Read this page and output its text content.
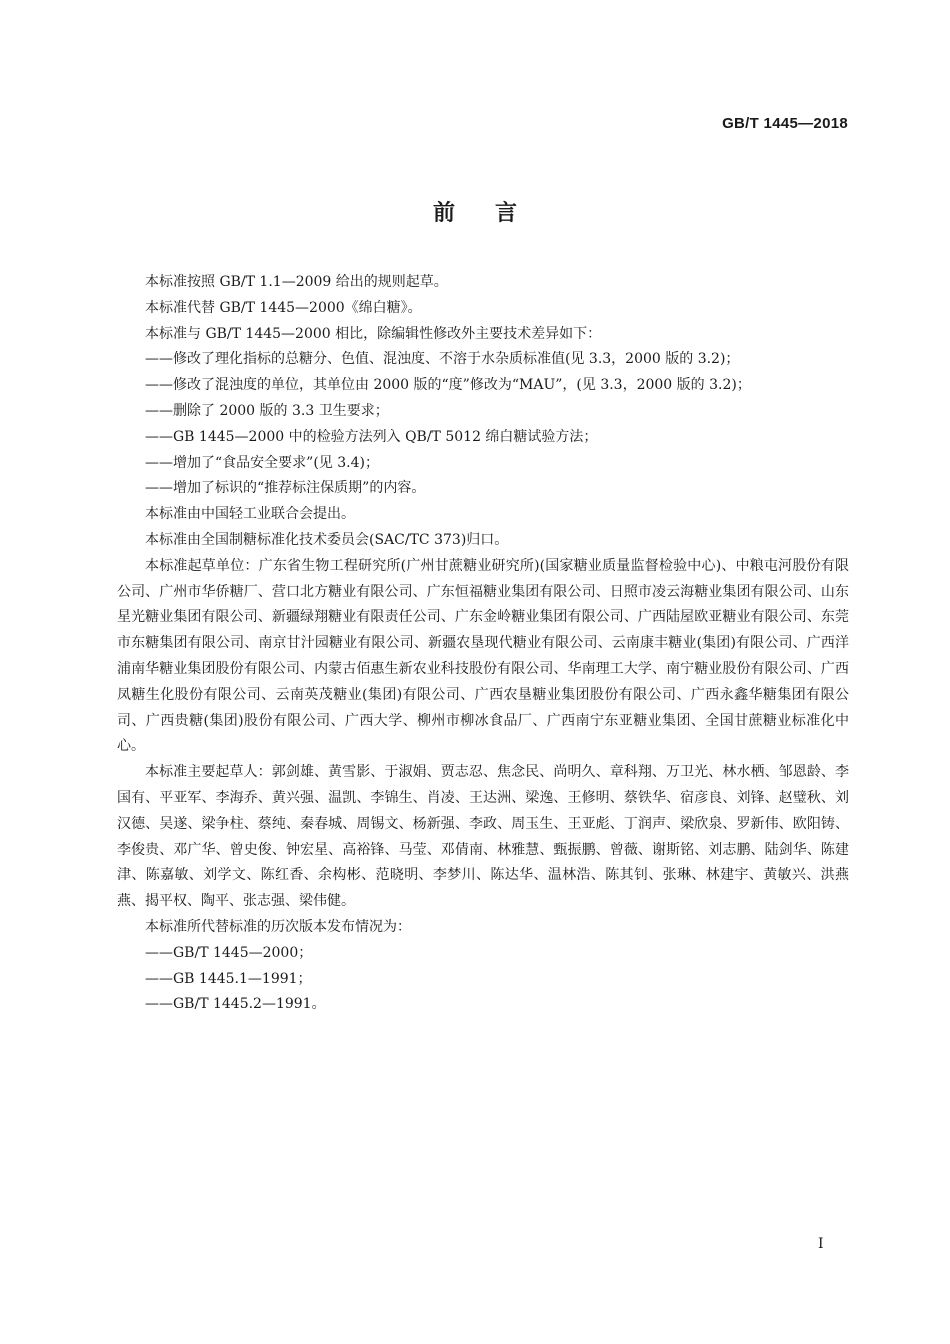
GB/T 1445—2018
前言

本标准按照 GB/T 1.1—2009 给出的规则起草。

本标准代替 GB/T 1445—2000《绵白糖》。

本标准与 GB/T 1445—2000 相比，除编辑性修改外主要技术差异如下：

——修改了理化指标的总糖分、色值、混浊度、不溶于水杂质标准值(见 3.3，2000 版的 3.2)；

——修改了混浊度的单位，其单位由 2000 版的“度”修改为“MAU”，(见 3.3，2000 版的 3.2)；

——删除了 2000 版的 3.3 卫生要求；

——GB 1445—2000 中的检验方法列入 QB/T 5012 绵白糖试验方法；

——增加了“食品安全要求”(见 3.4)；

——增加了标识的“推荐标注保质期”的内容。

本标准由中国轻工业联合会提出。

本标准由全国制糖标准化技术委员会(SAC/TC 373)归口。

本标准起草单位：广东省生物工程研究所(广州甘蔗糖业研究所)(国家糖业质量监督检验中心)、中粮屯河股份有限公司、广州市华侨糖厂、营口北方糖业有限公司、广东恒福糖业集团有限公司、日照市凌云海糖业集团有限公司、山东星光糖业集团有限公司、新疆绿翔糖业有限责任公司、广东金岭糖业集团有限公司、广西陆屋欧亚糖业有限公司、东莞市东糖集团有限公司、南京甘汁园糖业有限公司、新疆农垦现代糖业有限公司、云南康丰糖业(集团)有限公司、广西洋浦南华糖业集团股份有限公司、内蒙古佰惠生新农业科技股份有限公司、华南理工大学、南宁糖业股份有限公司、广西凤糖生化股份有限公司、云南英茂糖业(集团)有限公司、广西农垦糖业集团股份有限公司、广西永鑫华糖集团有限公司、广西贵糖(集团)股份有限公司、广西大学、柳州市柳冰食品厂、广西南宁东亚糖业集团、全国甘蔗糖业标准化中心。

本标准主要起草人：郭剑雄、黄雪影、于淑娟、贾志忍、焦念民、尚明久、章科翔、万卫光、林水栖、邹恩龄、李国有、平亚军、李海乔、黄兴强、温凯、李锦生、肖凌、王达洲、梁逸、王修明、蔡铁华、宿彦良、刘锋、赵璧秋、刘汉德、吴遂、梁争柱、蔡纯、秦春城、周锡文、杨新强、李政、周玉生、王亚彪、丁润声、梁欣泉、罗新伟、欧阳铸、李俊贵、邓广华、曾史俊、钟宏星、高裕锋、马莹、邓倩南、林雅慧、甄振鹏、曾薇、谢斯铭、刘志鹏、陆剑华、陈建津、陈嘉敏、刘学文、陈红香、余构彬、范晓明、李梦川、陈达华、温林浩、陈其钊、张琳、林建宇、黄敏兴、洪燕燕、揭平权、陶平、张志强、梁伟健。

本标准所代替标准的历次版本发布情况为：

——GB/T 1445—2000；

——GB 1445.1—1991；

——GB/T 1445.2—1991。

I
